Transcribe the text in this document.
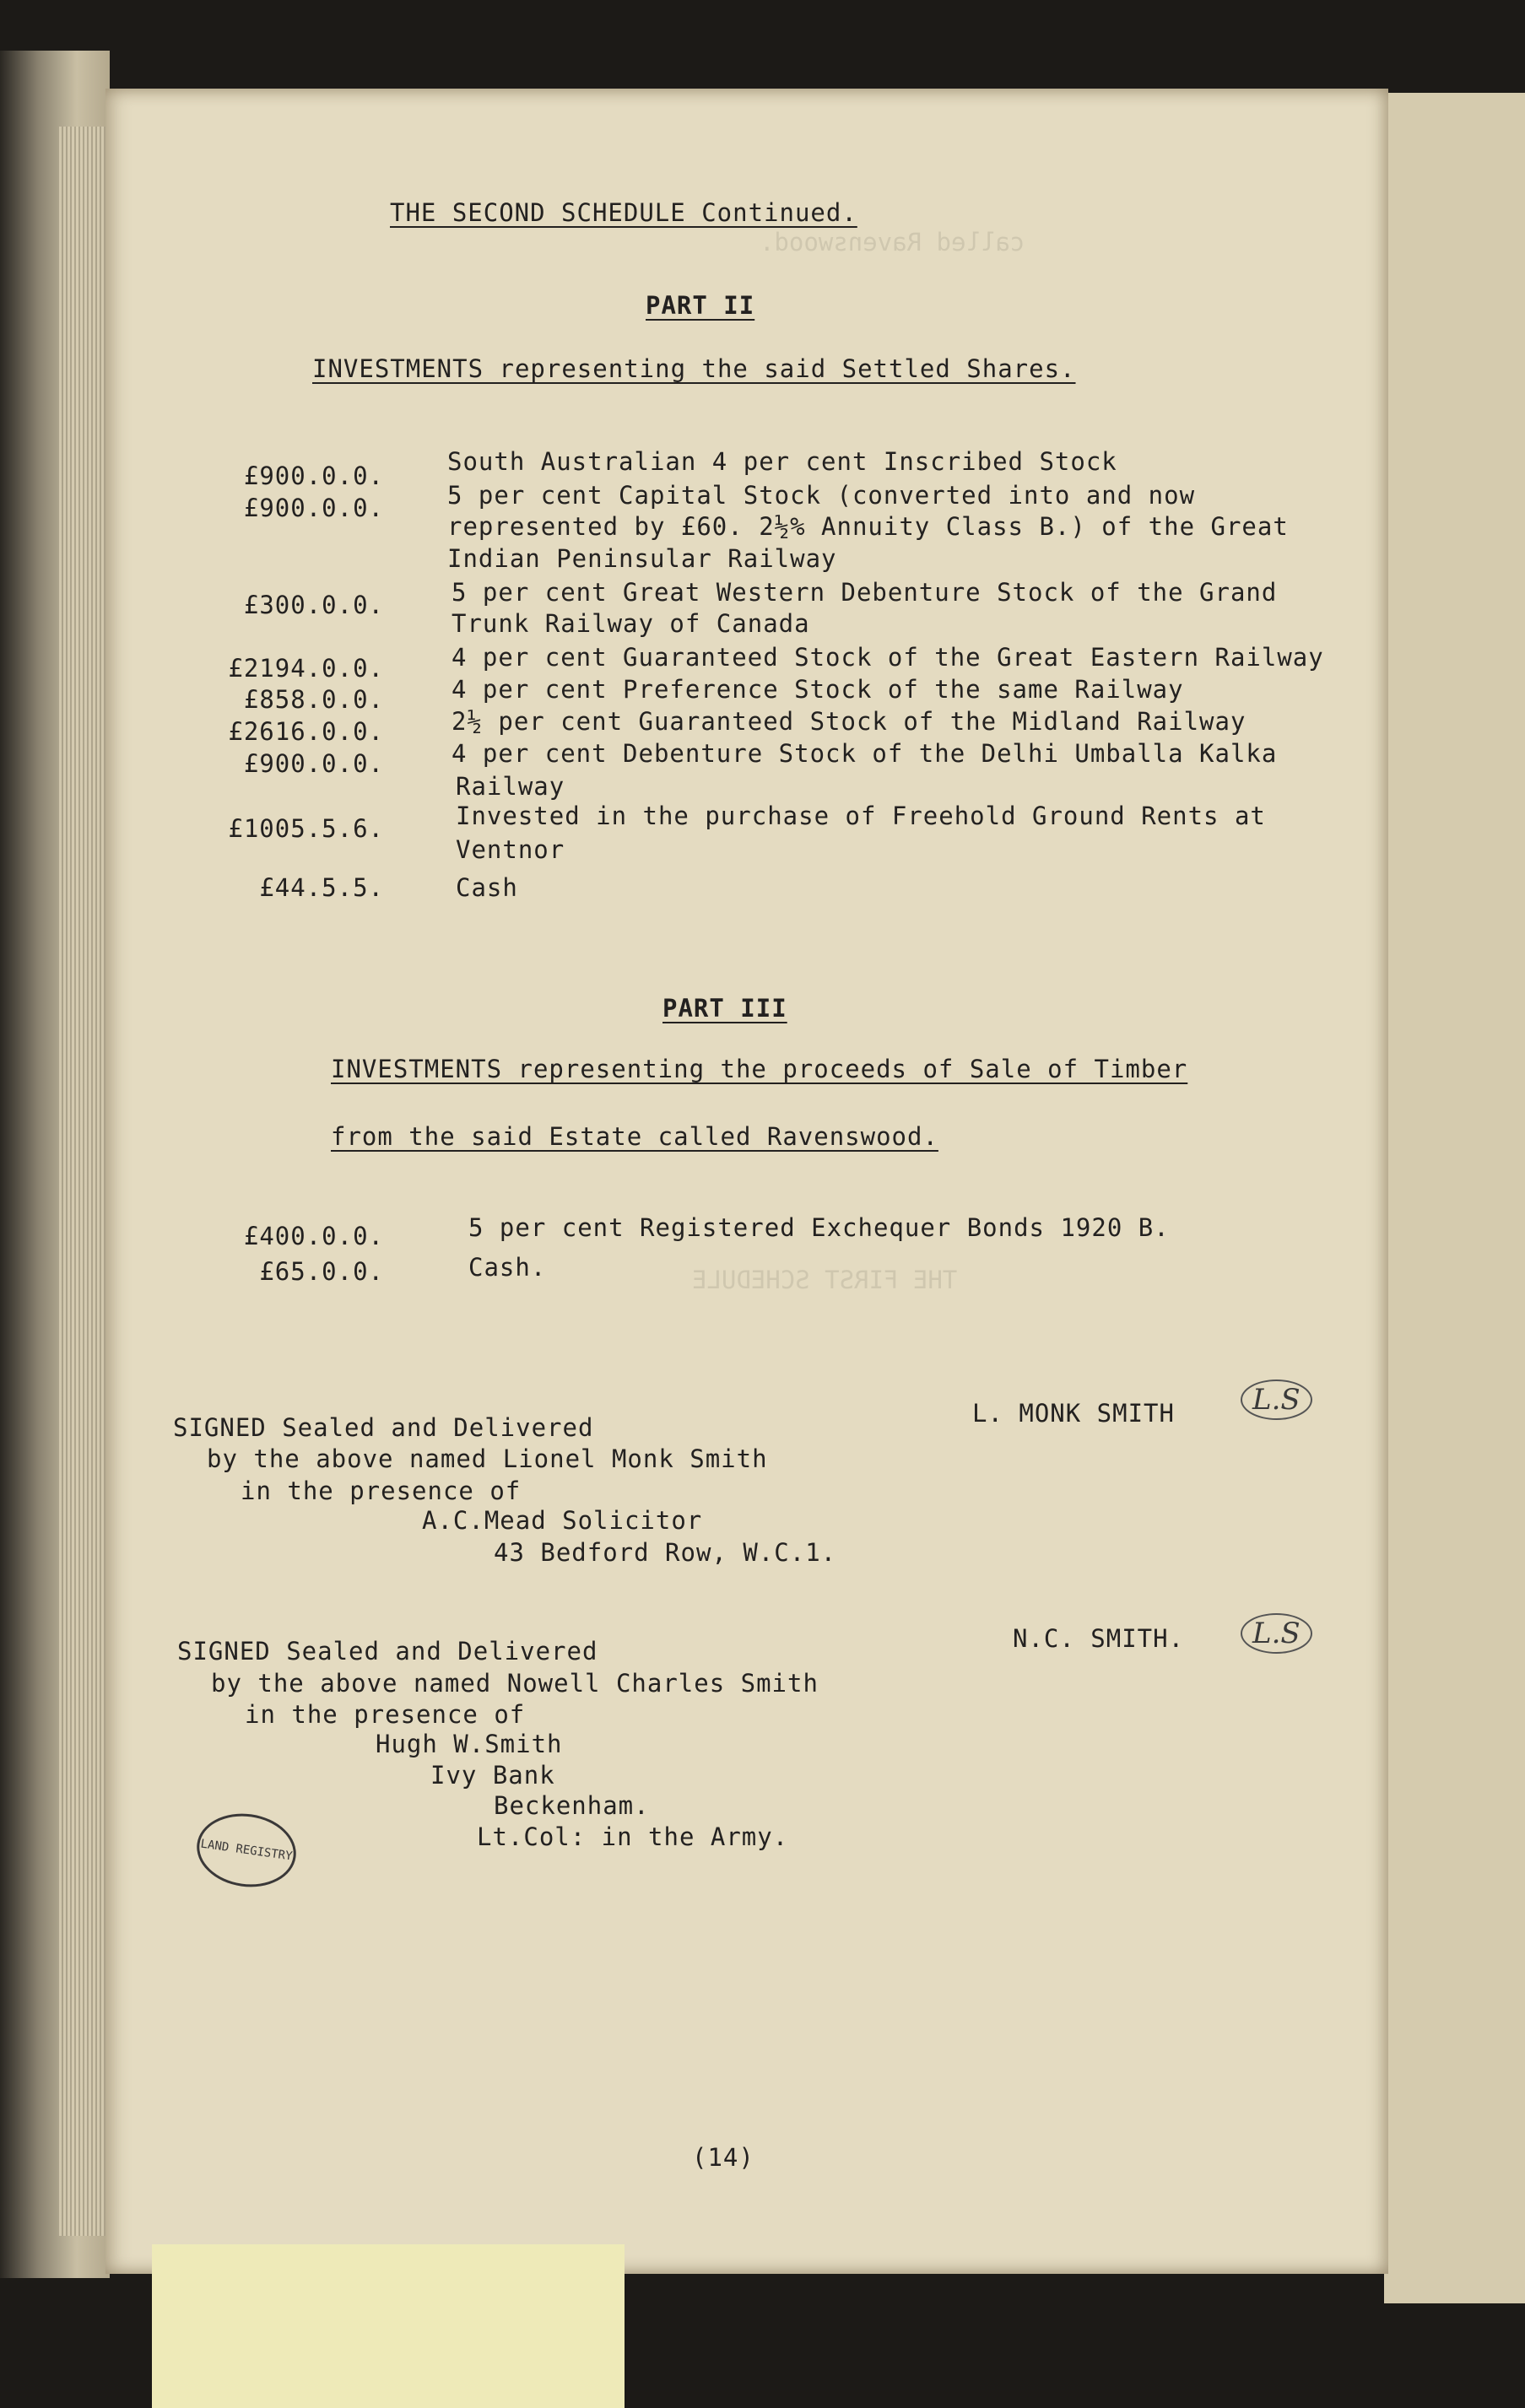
called Ravenswood.
THE FIRST SCHEDULE
THE SECOND SCHEDULE Continued.
PART II
INVESTMENTS representing the said Settled Shares.
£900.0.0.	South Australian 4 per cent Inscribed Stock
£900.0.0.	5 per cent Capital Stock (converted into and now
represented by £60. 2½% Annuity Class B.) of the Great
Indian Peninsular Railway
£300.0.0.	5 per cent Great Western Debenture Stock of the Grand
Trunk Railway of Canada
£2194.0.0.	4 per cent Guaranteed Stock of the Great Eastern Railway
£858.0.0.	4 per cent Preference Stock of the same Railway
£2616.0.0.	2½ per cent Guaranteed Stock of the Midland Railway
£900.0.0.	4 per cent Debenture Stock of the Delhi Umballa Kalka
Railway
£1005.5.6.	Invested in the purchase of Freehold Ground Rents at
Ventnor
£44.5.5.	Cash
PART III
INVESTMENTS representing the proceeds of Sale of Timber
from the said Estate called Ravenswood.
£400.0.0.	5 per cent Registered Exchequer Bonds 1920 B.
£65.0.0.	Cash.
SIGNED Sealed and Delivered
by the above named Lionel Monk Smith
in the presence of
A.C.Mead Solicitor
43 Bedford Row, W.C.1.
L. MONK SMITH	L.S
SIGNED Sealed and Delivered
by the above named Nowell Charles Smith
in the presence of
Hugh W.Smith
Ivy Bank
Beckenham.
Lt.Col: in the Army.
N.C. SMITH.	L.S
LAND REGISTRY
(14)
